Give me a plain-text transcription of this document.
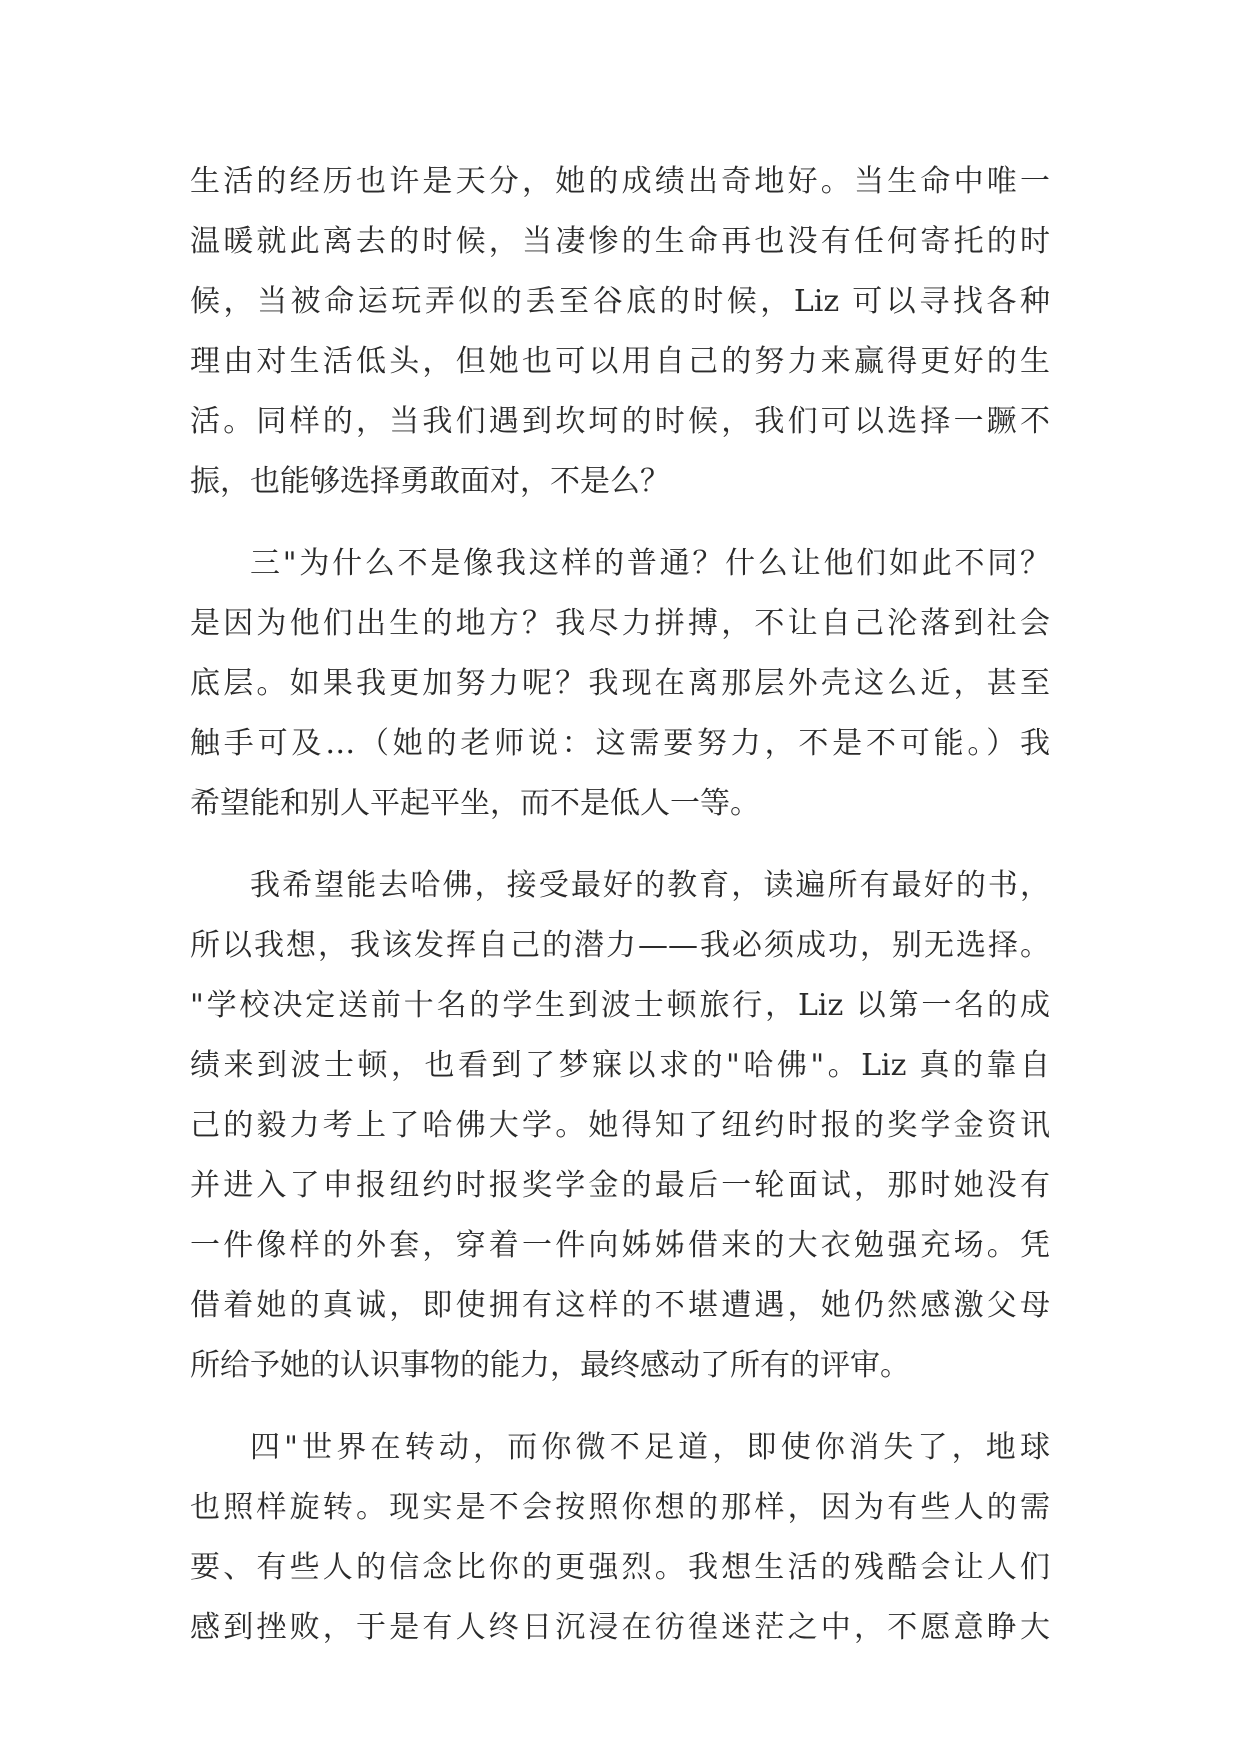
生活的经历也许是天分，她的成绩出奇地好。当生命中唯一
温暖就此离去的时候，当凄惨的生命再也没有任何寄托的时
候，当被命运玩弄似的丢至谷底的时候，Liz 可以寻找各种
理由对生活低头，但她也可以用自己的努力来赢得更好的生
活。同样的，当我们遇到坎坷的时候，我们可以选择一蹶不
振，也能够选择勇敢面对，不是么？
三"为什么不是像我这样的普通？什么让他们如此不同？
是因为他们出生的地方？我尽力拼搏，不让自己沦落到社会
底层。如果我更加努力呢？我现在离那层外壳这么近，甚至
触手可及…（她的老师说：这需要努力，不是不可能。）我
希望能和别人平起平坐，而不是低人一等。
我希望能去哈佛，接受最好的教育，读遍所有最好的书，
所以我想，我该发挥自己的潜力——我必须成功，别无选择。
"学校决定送前十名的学生到波士顿旅行，Liz 以第一名的成
绩来到波士顿，也看到了梦寐以求的"哈佛"。Liz 真的靠自
己的毅力考上了哈佛大学。她得知了纽约时报的奖学金资讯
并进入了申报纽约时报奖学金的最后一轮面试，那时她没有
一件像样的外套，穿着一件向姊姊借来的大衣勉强充场。凭
借着她的真诚，即使拥有这样的不堪遭遇，她仍然感激父母
所给予她的认识事物的能力，最终感动了所有的评审。
四"世界在转动，而你微不足道，即使你消失了，地球
也照样旋转。现实是不会按照你想的那样，因为有些人的需
要、有些人的信念比你的更强烈。我想生活的残酷会让人们
感到挫败，于是有人终日沉浸在彷徨迷茫之中，不愿意睁大
